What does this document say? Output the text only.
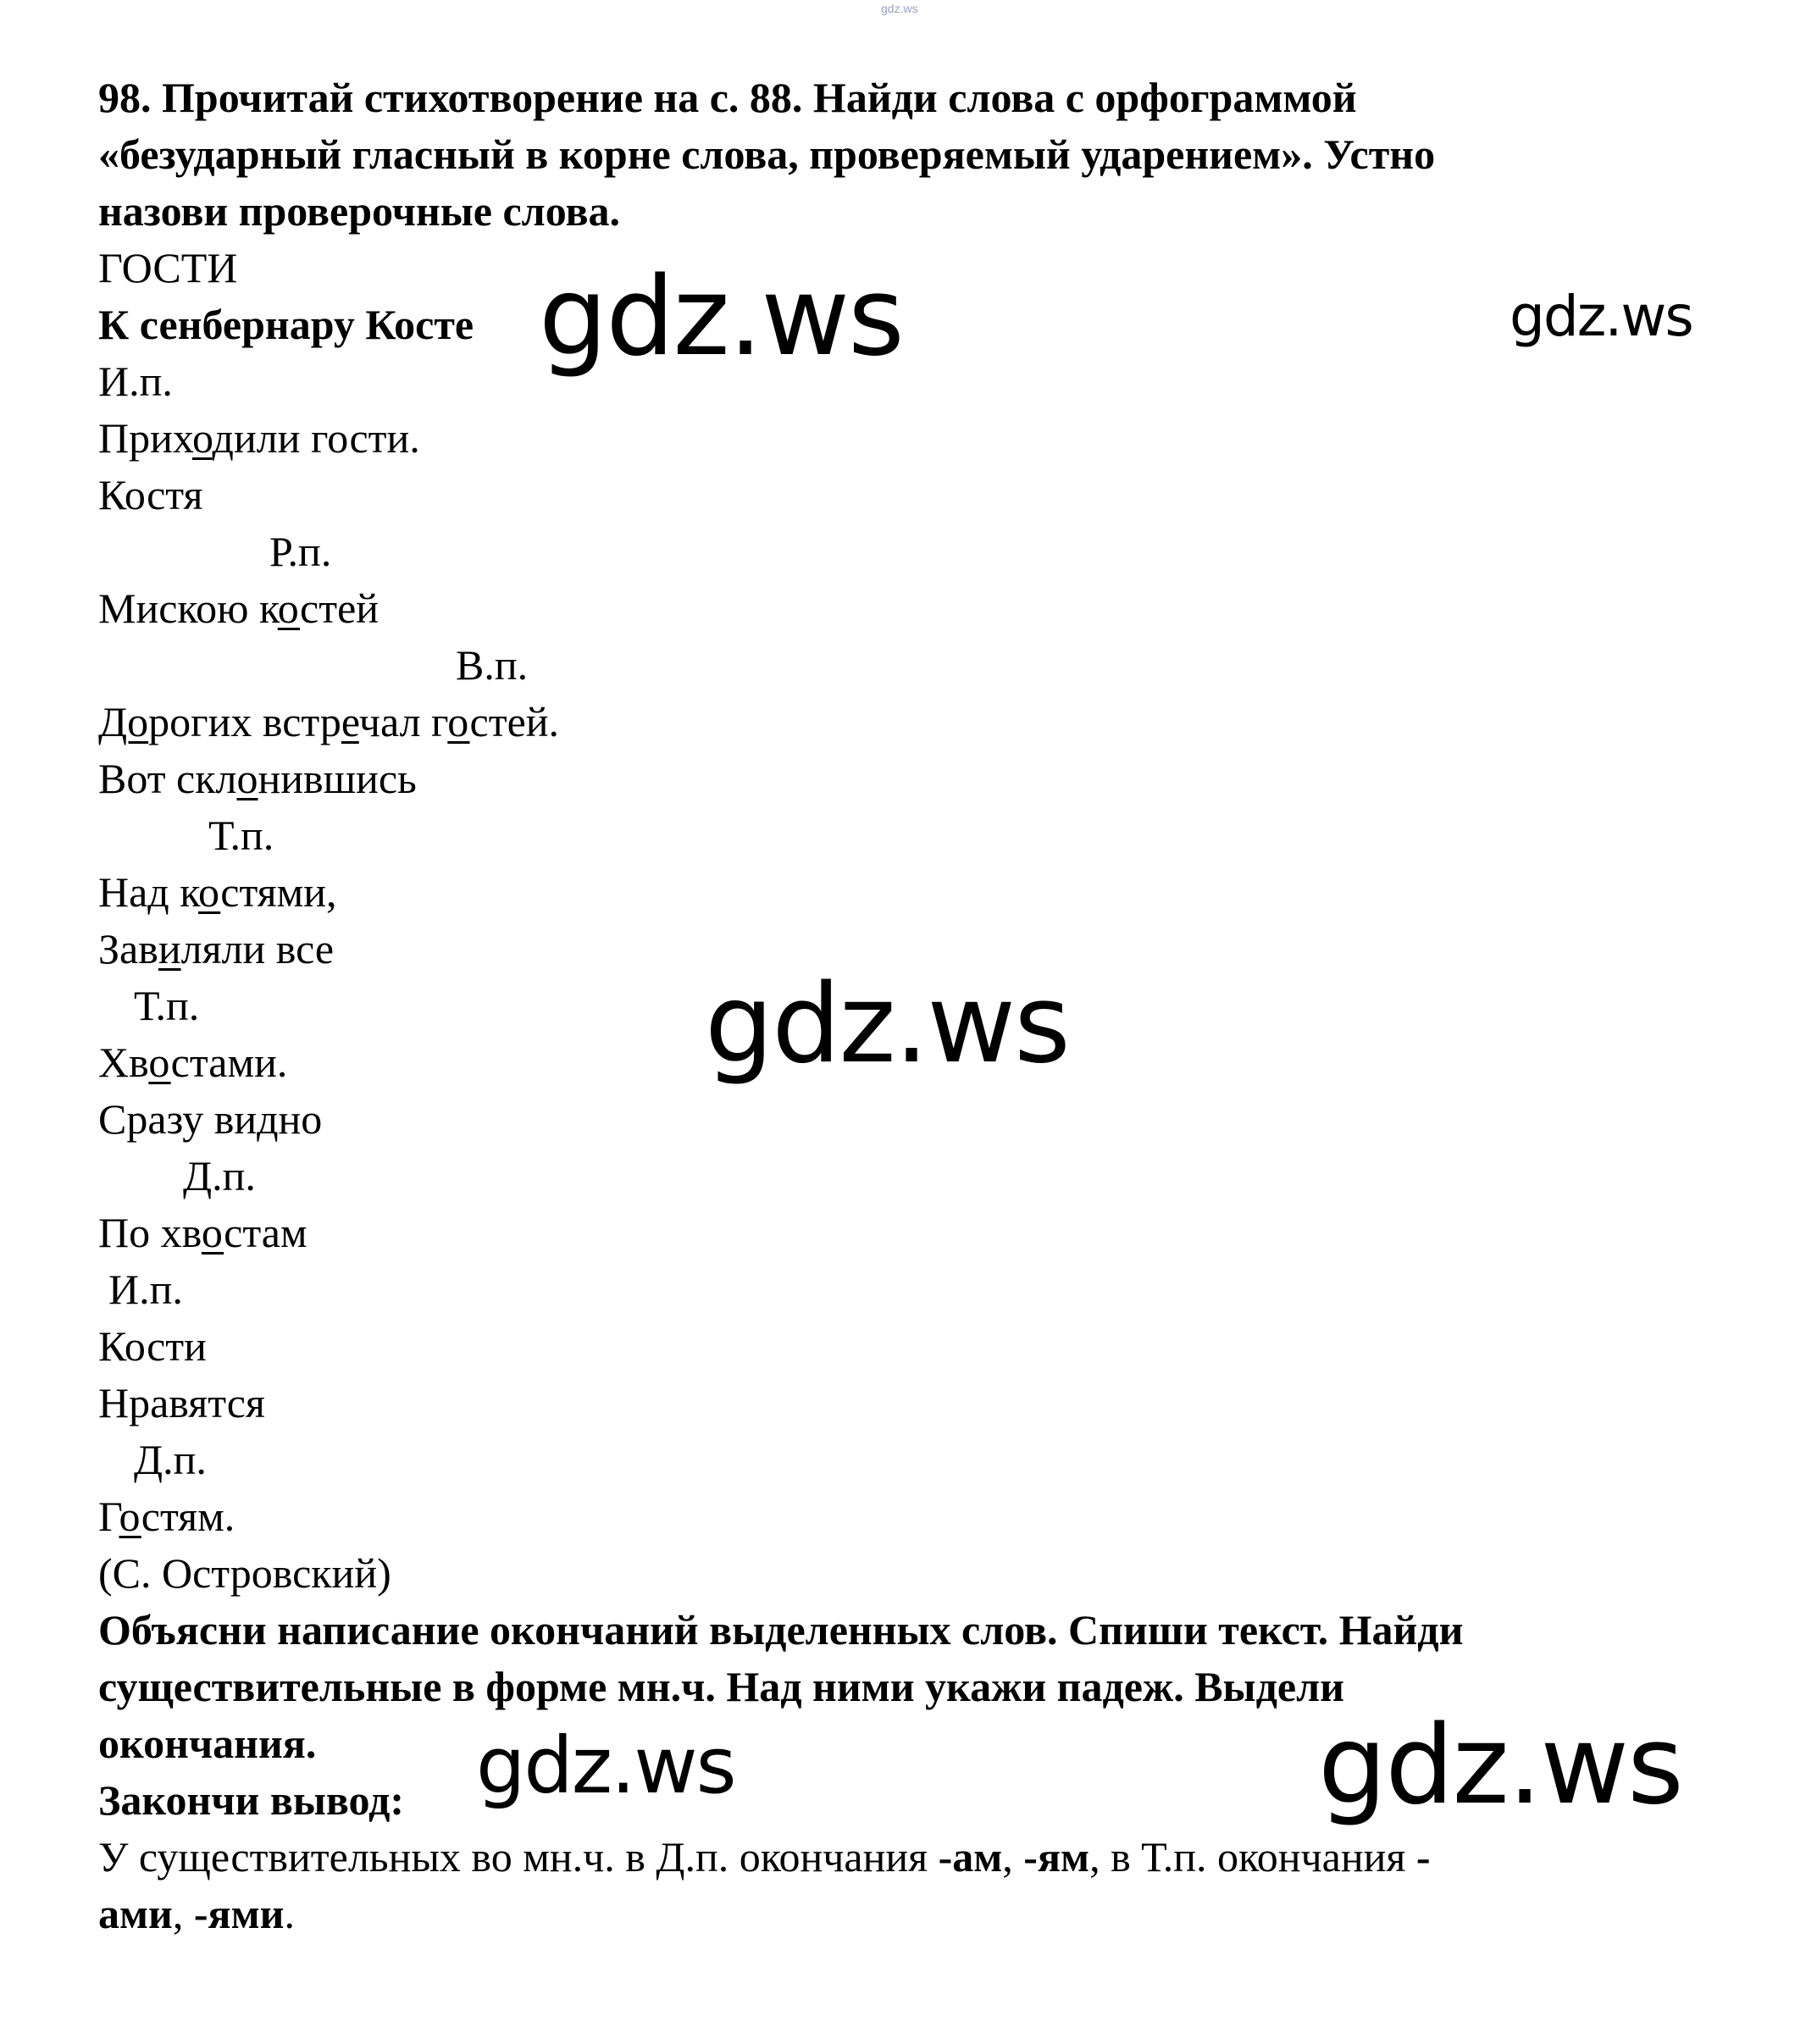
gdz.ws

98. Прочитай стихотворение на с. 88. Найди слова с орфограммой

«безударный гласный в корне слова, проверяемый ударением». Устно

назови проверочные слова.

ГОСТИ

К сенбернару Косте

И.п.

Приходили гости.

Костя

Р.п.

Мискою костей

В.п.

Дорогих встречал гостей.

Вот склонившись

Т.п.

Над костями,

Завиляли все

Т.п.

Хвостами.

Сразу видно

Д.п.

По хвостам

И.п.

Кости

Нравятся

Д.п.

Гостям.

(С. Островский)

Объясни написание окончаний выделенных слов. Спиши текст. Найди

существительные в форме мн.ч. Над ними укажи падеж. Выдели

окончания.

Закончи вывод:

У существительных во мн.ч. в Д.п. окончания -ам, -ям, в Т.п. окончания -

ами, -ями.

gdz.ws	gdz.ws
gdz.ws
gdz.ws	gdz.ws
